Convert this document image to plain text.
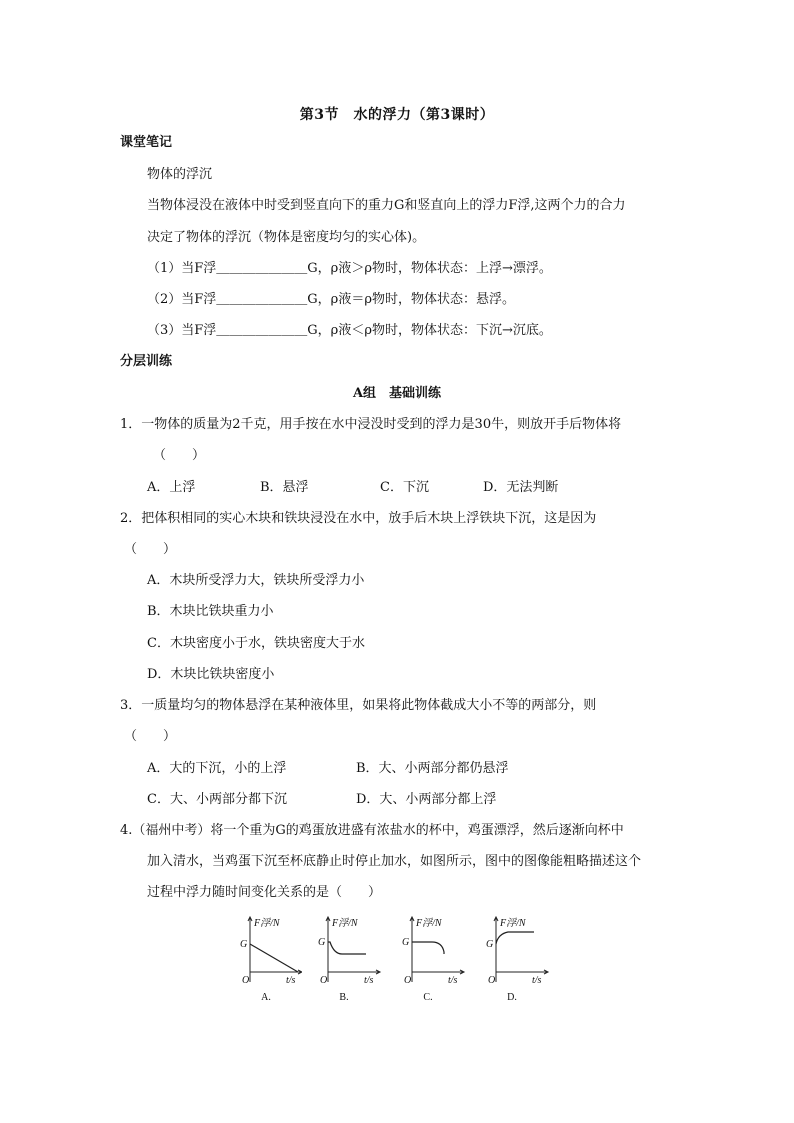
第3节　水的浮力（第3课时）
课堂笔记
物体的浮沉
当物体浸没在液体中时受到竖直向下的重力G和竖直向上的浮力F浮,这两个力的合力
决定了物体的浮沉（物体是密度均匀的实心体)。
（1）当F浮＿＿＿＿＿＿＿G，ρ液＞ρ物时，物体状态：上浮→漂浮。
（2）当F浮＿＿＿＿＿＿＿G，ρ液＝ρ物时，物体状态：悬浮。
（3）当F浮＿＿＿＿＿＿＿G，ρ液＜ρ物时，物体状态：下沉→沉底。
分层训练
A组　基础训练
1．一物体的质量为2千克，用手按在水中浸没时受到的浮力是30牛，则放开手后物体将
（　　）
A．上浮	B．悬浮	C．下沉	D．无法判断
2．把体积相同的实心木块和铁块浸没在水中，放手后木块上浮铁块下沉，这是因为
（　　）
A．木块所受浮力大，铁块所受浮力小
B．木块比铁块重力小
C．木块密度小于水，铁块密度大于水
D．木块比铁块密度小
3．一质量均匀的物体悬浮在某种液体里，如果将此物体截成大小不等的两部分，则
（　　）
A．大的下沉，小的上浮	B．大、小两部分都仍悬浮
C．大、小两部分都下沉	D．大、小两部分都上浮
4.（福州中考）将一个重为G的鸡蛋放进盛有浓盐水的杯中，鸡蛋漂浮，然后逐渐向杯中
加入清水，当鸡蛋下沉至杯底静止时停止加水，如图所示，图中的图像能粗略描述这个
过程中浮力随时间变化关系的是（　　）
F浮/N
G
O	t/s
A.
F浮/N
G
O	t/s
B.
F浮/N
G
O	t/s
C.
F浮/N
G
O	t/s
D.
